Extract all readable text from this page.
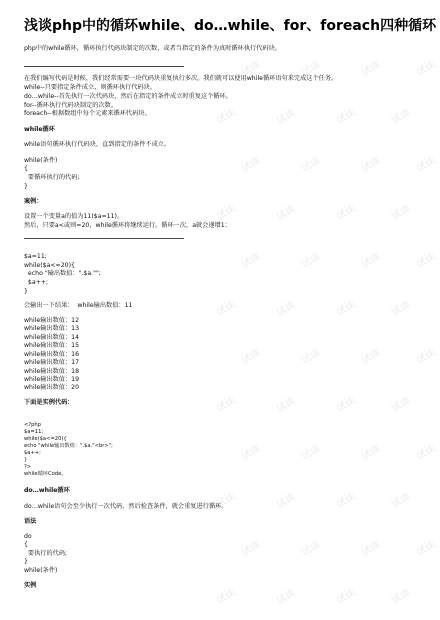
试读	试读	试读	试读
试读	试读	试读	试读
试读	试读	试读	试读
试读	试读	试读	试读
试读	试读	试读	试读
试读	试读	试读	试读
试读	试读	试读	试读
试读	试读	试读	试读
试读	试读	试读	试读
试读	试读	试读	试读
试读	试读	试读	试读
试读	试读	试读	试读
浅谈php中的循环while、do…while、for、foreach四种循环
php中的while循环，循环执行代码块制定的次数，或者当指定的条件为真时循环执行代码块。
在我们编写代码是时候，我们经常需要一块代码块重复执行多次。我们就可以使用while循环语句来完成这个任务。
while--只要指定条件成立，则循环执行代码块。
do…while--首先执行一次代码块，然后在指定的条件成立时重复这个循环。
for--循环执行代码块制定的次数。
foreach--根据数组中每个元素来循环代码块。
while循环
while语句循环执行代码块，直到指定的条件不成立。
while(条件)
{
要循环执行的代码;
}
案例：
设置一个变量a的值为11($a=11)。
然后，只要a<或则=20，while循环将继续运行。循环一次，a就会递增1；
$a=11;
while($a<=20){
echo "输出数值：".$a."";
$a++;
}
会输出一下结果：  while输出数值：11
while输出数值：12
while输出数值：13
while输出数值：14
while输出数值：15
while输出数值：16
while输出数值：17
while输出数值：18
while输出数值：19
while输出数值：20
下面是实例代码：
<?php
$a=11;
while($a<=20){
echo "while输出数值：".$a."<br>";
$a++;
}
?>
while循环Code。
do…while循环
do…while语句会至少执行一次代码，然后检查条件，就会重复进行循环。
语法
do
{
要执行的代码;
}
while(条件)
实例
